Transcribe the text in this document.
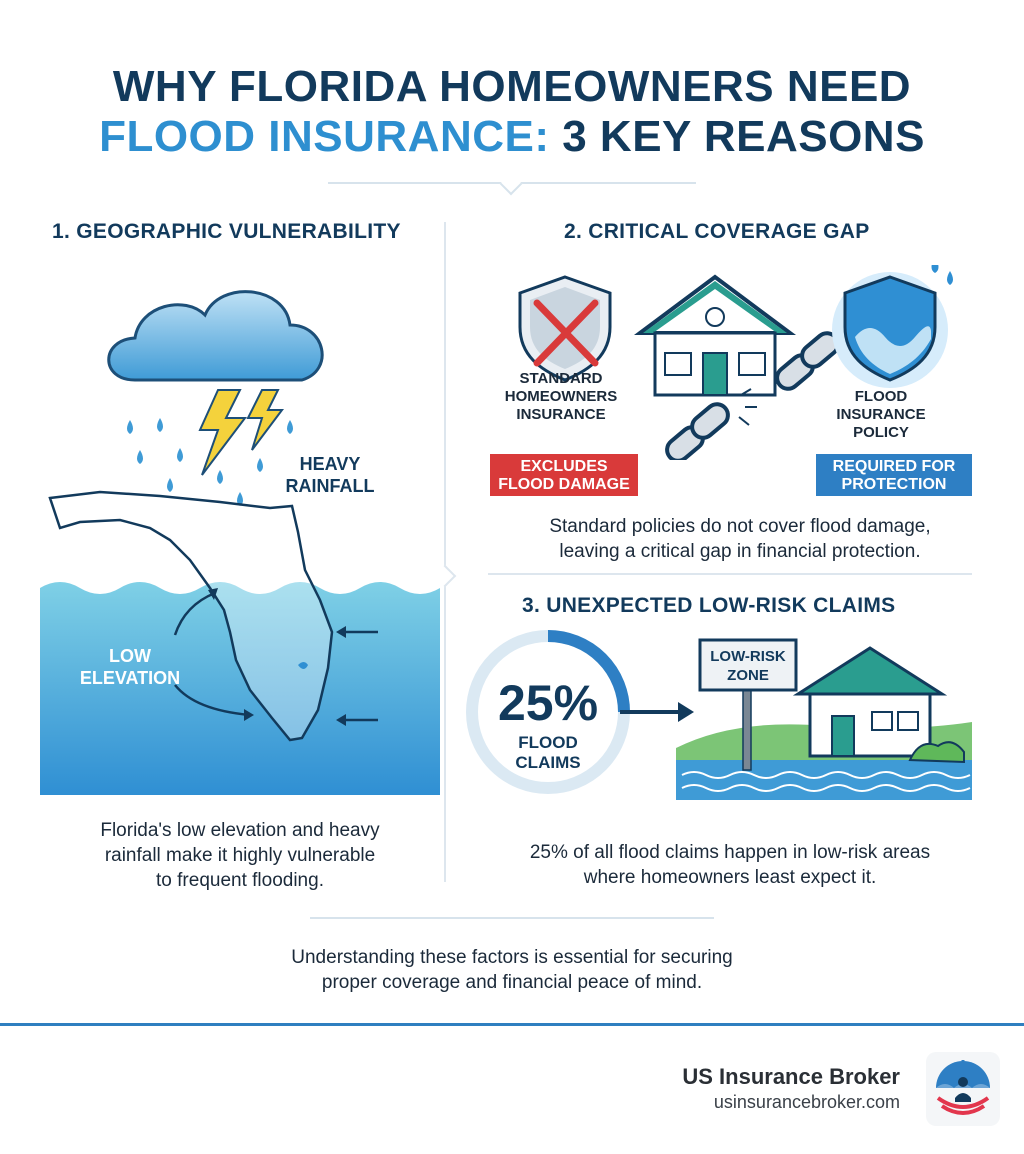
WHY FLORIDA HOMEOWNERS NEED
FLOOD INSURANCE: 3 KEY REASONS
1. GEOGRAPHIC VULNERABILITY
HEAVY
RAINFALL
LOW
ELEVATION
Florida's low elevation and heavy
rainfall make it highly vulnerable
to frequent flooding.
2. CRITICAL COVERAGE GAP
STANDARD
HOMEOWNERS
INSURANCE
EXCLUDES
FLOOD DAMAGE
FLOOD
INSURANCE
POLICY
REQUIRED FOR
PROTECTION
Standard policies do not cover flood damage,
leaving a critical gap in financial protection.
3. UNEXPECTED LOW-RISK CLAIMS
25%
FLOOD
CLAIMS
LOW-RISK
ZONE
25% of all flood claims happen in low-risk areas
where homeowners least expect it.
Understanding these factors is essential for securing
proper coverage and financial peace of mind.
US Insurance Broker
usinsurancebroker.com
